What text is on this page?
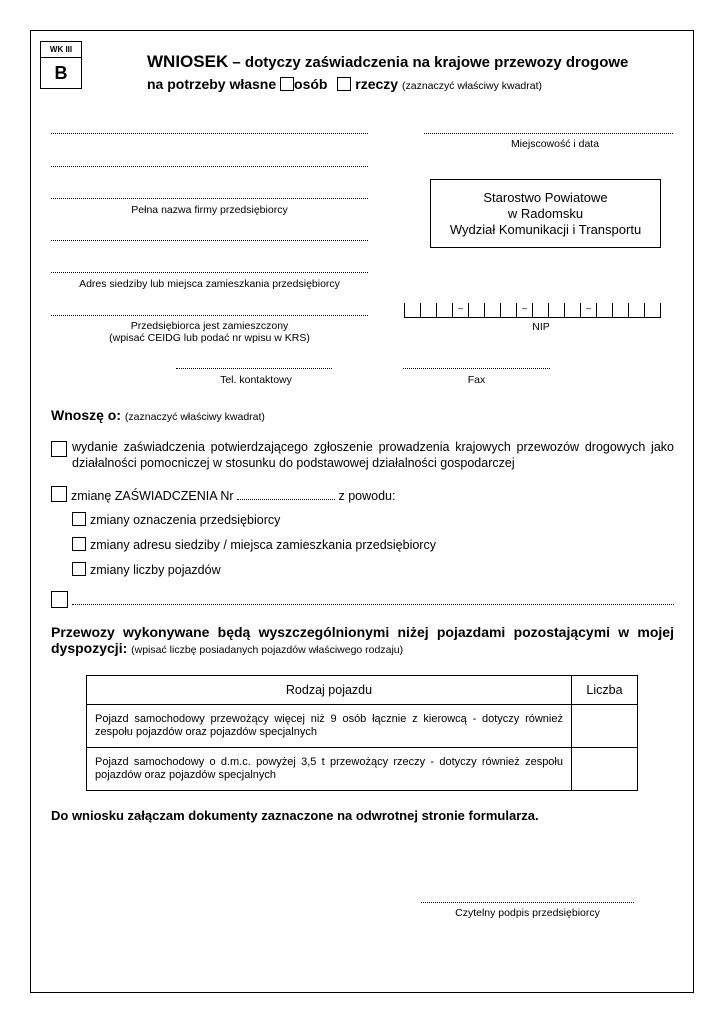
WK III
B
WNIOSEK – dotyczy zaświadczenia na krajowe przewozy drogowe
na potrzeby własne osób rzeczy (zaznaczyć właściwy kwadrat)
Pełna nazwa firmy przedsiębiorcy
Adres siedziby lub miejsca zamieszkania przedsiębiorcy
Przedsiębiorca jest zamieszczony
(wpisać CEIDG lub podać nr wpisu w KRS)
Miejscowość i data
Starostwo Powiatowe
w Radomsku
Wydział Komunikacji i Transportu
–	–	–
NIP
Tel. kontaktowy	Fax
Wnoszę o: (zaznaczyć właściwy kwadrat)
wydanie zaświadczenia potwierdzającego zgłoszenie prowadzenia krajowych przewozów drogowych jako działalności pomocniczej w stosunku do podstawowej działalności gospodarczej
zmianę ZAŚWIADCZENIA Nr	z powodu:
zmiany oznaczenia przedsiębiorcy
zmiany adresu siedziby / miejsca zamieszkania przedsiębiorcy
zmiany liczby pojazdów
Przewozy wykonywane będą wyszczególnionymi niżej pojazdami pozostającymi w mojej dyspozycji: (wpisać liczbę posiadanych pojazdów właściwego rodzaju)
Rodzaj pojazdu	Liczba
Pojazd samochodowy przewożący więcej niż 9 osób łącznie z kierowcą - dotyczy również zespołu pojazdów oraz pojazdów specjalnych	
Pojazd samochodowy o d.m.c. powyżej 3,5 t przewożący rzeczy - dotyczy również zespołu pojazdów oraz pojazdów specjalnych	
Do wniosku załączam dokumenty zaznaczone na odwrotnej stronie formularza.
Czytelny podpis przedsiębiorcy
